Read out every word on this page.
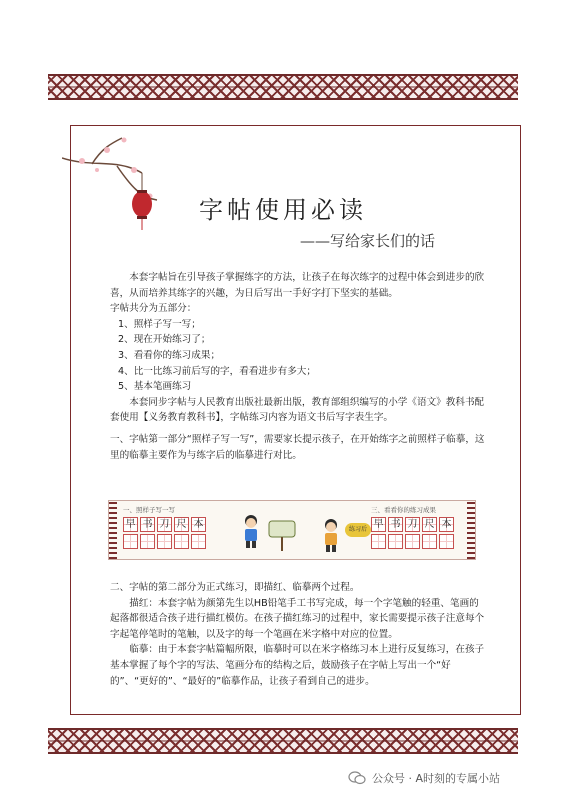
字帖使用必读
——写给家长们的话

本套字帖旨在引导孩子掌握练字的方法，让孩子在每次练字的过程中体会到进步的欣喜，从而培养其练字的兴趣，为日后写出一手好字打下坚实的基础。

字帖共分为五部分：

1、照样子写一写；

2、现在开始练习了；

3、看看你的练习成果；

4、比一比练习前后写的字，看看进步有多大；

5、基本笔画练习

本套同步字帖与人民教育出版社最新出版，教育部组织编写的小学《语文》教科书配套使用【义务教育教科书】，字帖练习内容为语文书后写字表生字。

一、字帖第一部分“照样子写一写”，需要家长提示孩子，在开始练字之前照样子临摹，这里的临摹主要作为与练字后的临摹进行对比。

一、照样子写一写
早 书 刀 尺 本	练习后
三、看看你的练习成果
早 书 刀 尺 本

二、字帖的第二部分为正式练习，即描红、临摹两个过程。

描红：本套字帖为颜第先生以HB铅笔手工书写完成，每一个字笔触的轻重、笔画的起落都很适合孩子进行描红模仿。在孩子描红练习的过程中，家长需要提示孩子注意每个字起笔停笔时的笔触，以及字的每一个笔画在米字格中对应的位置。

临摹：由于本套字帖篇幅所限，临摹时可以在米字格练习本上进行反复练习，在孩子基本掌握了每个字的写法、笔画分布的结构之后，鼓励孩子在字帖上写出一个“好的”、“更好的”、“最好的”临摹作品，让孩子看到自己的进步。

公众号 · A时刻的专属小站
